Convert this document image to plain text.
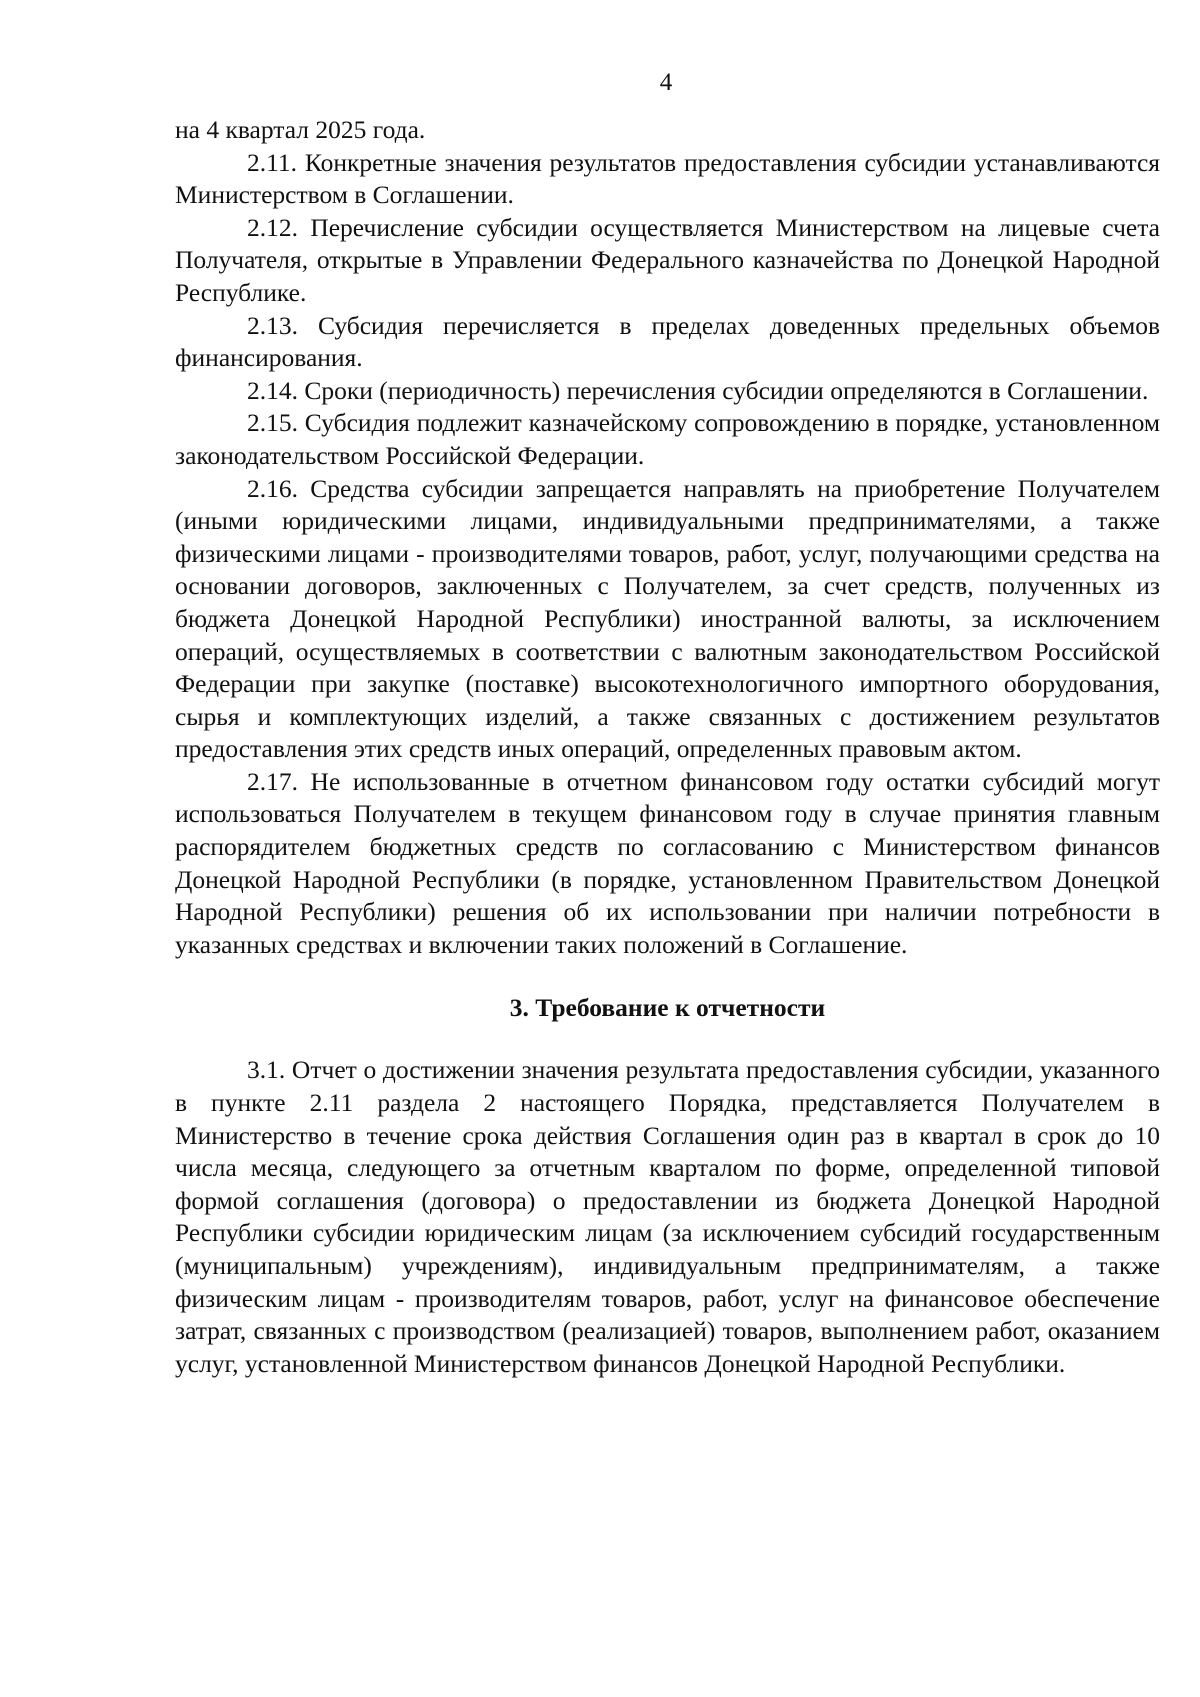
4

на 4 квартал 2025 года.

2.11. Конкретные значения результатов предоставления субсидии устанавливаются Министерством в Соглашении.

2.12. Перечисление субсидии осуществляется Министерством на лицевые счета Получателя, открытые в Управлении Федерального казначейства по Донецкой Народной Республике.

2.13. Субсидия перечисляется в пределах доведенных предельных объемов финансирования.

2.14. Сроки (периодичность) перечисления субсидии определяются в Соглашении.

2.15. Субсидия подлежит казначейскому сопровождению в порядке, установленном законодательством Российской Федерации.

2.16. Средства субсидии запрещается направлять на приобретение Получателем (иными юридическими лицами, индивидуальными предпринимателями, а также физическими лицами - производителями товаров, работ, услуг, получающими средства на основании договоров, заключенных с Получателем, за счет средств, полученных из бюджета Донецкой Народной Республики) иностранной валюты, за исключением операций, осуществляемых в соответствии с валютным законодательством Российской Федерации при закупке (поставке) высокотехнологичного импортного оборудования, сырья и комплектующих изделий, а также связанных с достижением результатов предоставления этих средств иных операций, определенных правовым актом.

2.17. Не использованные в отчетном финансовом году остатки субсидий могут использоваться Получателем в текущем финансовом году в случае принятия главным распорядителем бюджетных средств по согласованию с Министерством финансов Донецкой Народной Республики (в порядке, установленном Правительством Донецкой Народной Республики) решения об их использовании при наличии потребности в указанных средствах и включении таких положений в Соглашение.

3. Требование к отчетности

3.1. Отчет о достижении значения результата предоставления субсидии, указанного в пункте 2.11 раздела 2 настоящего Порядка, представляется Получателем в Министерство в течение срока действия Соглашения один раз в квартал в срок до 10 числа месяца, следующего за отчетным кварталом по форме, определенной типовой формой соглашения (договора) о предоставлении из бюджета Донецкой Народной Республики субсидии юридическим лицам (за исключением субсидий государственным (муниципальным) учреждениям), индивидуальным предпринимателям, а также физическим лицам - производителям товаров, работ, услуг на финансовое обеспечение затрат, связанных с производством (реализацией) товаров, выполнением работ, оказанием услуг, установленной Министерством финансов Донецкой Народной Республики.
